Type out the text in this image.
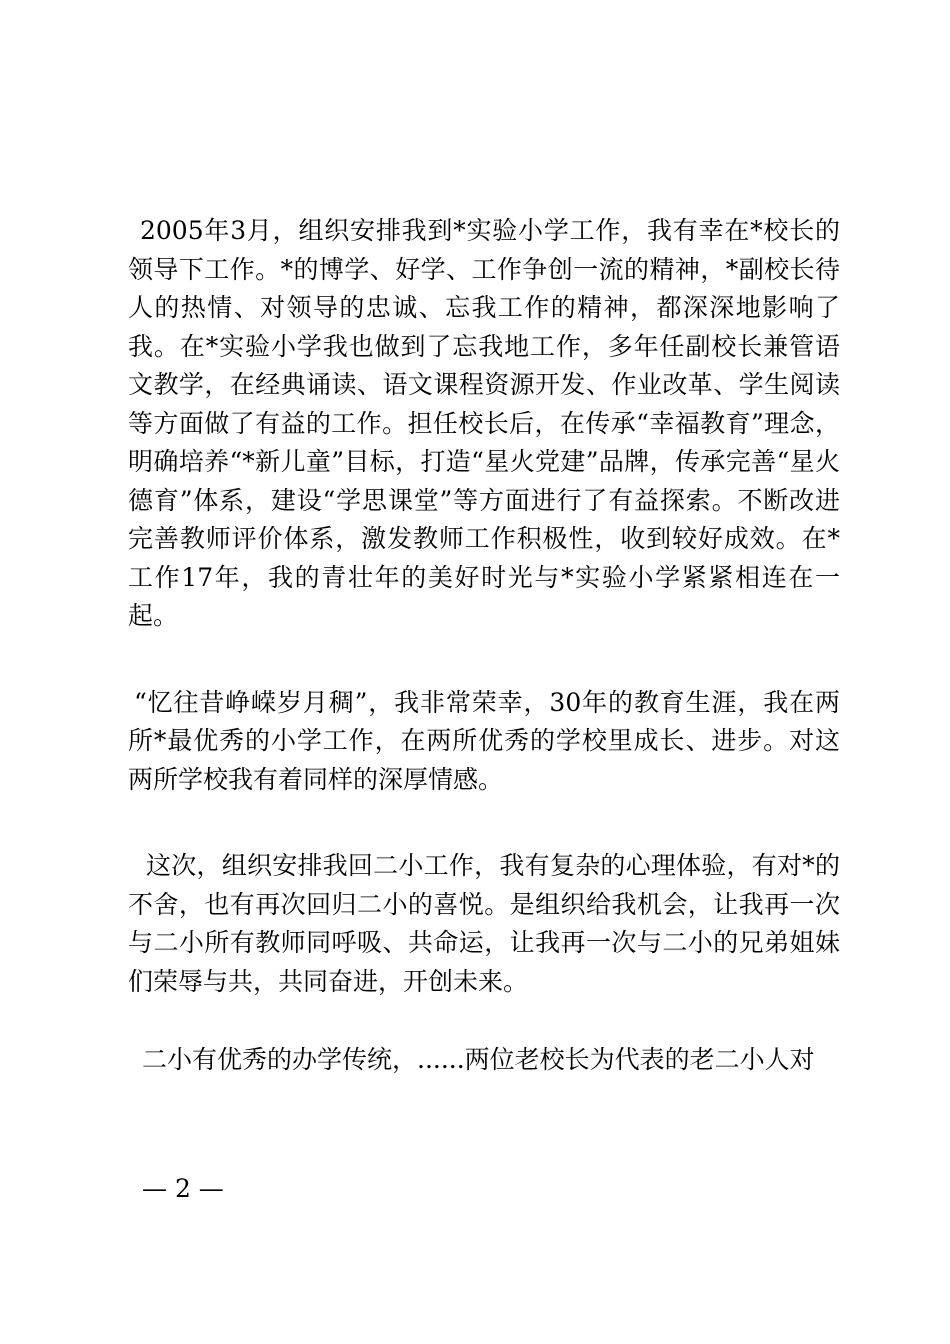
2005年3月，组织安排我到*实验小学工作，我有幸在*校长的领导下工作。*的博学、好学、工作争创一流的精神，*副校长待人的热情、对领导的忠诚、忘我工作的精神，都深深地影响了我。在*实验小学我也做到了忘我地工作，多年任副校长兼管语文教学，在经典诵读、语文课程资源开发、作业改革、学生阅读等方面做了有益的工作。担任校长后，在传承“幸福教育”理念，明确培养“*新儿童”目标，打造“星火党建”品牌，传承完善“星火德育”体系，建设“学思课堂”等方面进行了有益探索。不断改进完善教师评价体系，激发教师工作积极性，收到较好成效。在*工作17年，我的青壮年的美好时光与*实验小学紧紧相连在一起。

“忆往昔峥嵘岁月稠”，我非常荣幸，30年的教育生涯，我在两所*最优秀的小学工作，在两所优秀的学校里成长、进步。对这两所学校我有着同样的深厚情感。

这次，组织安排我回二小工作，我有复杂的心理体验，有对*的不舍，也有再次回归二小的喜悦。是组织给我机会，让我再一次与二小所有教师同呼吸、共命运，让我再一次与二小的兄弟姐妹们荣辱与共，共同奋进，开创未来。

二小有优秀的办学传统，......两位老校长为代表的老二小人对

— 2 —
